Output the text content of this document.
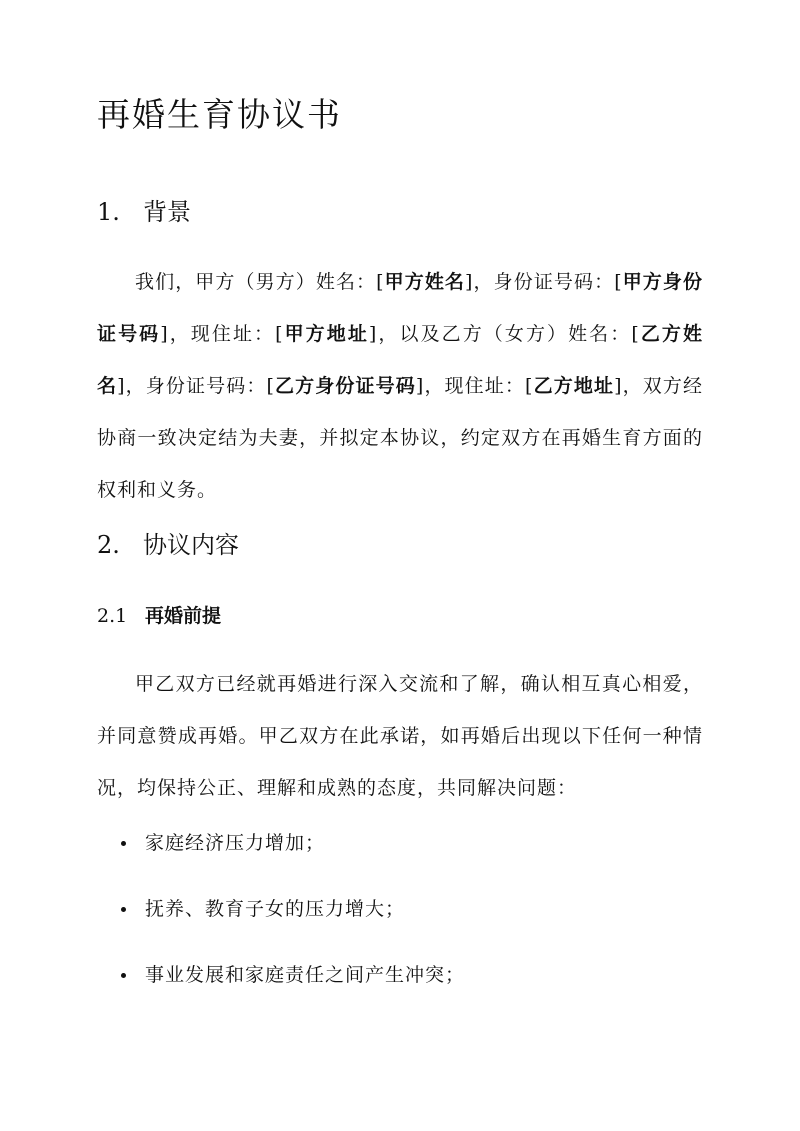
再婚生育协议书
1. 背景

我们，甲方（男方）姓名：[甲方姓名]，身份证号码：[甲方身份证号码]，现住址：[甲方地址]，以及乙方（女方）姓名：[乙方姓名]，身份证号码：[乙方身份证号码]，现住址：[乙方地址]，双方经协商一致决定结为夫妻，并拟定本协议，约定双方在再婚生育方面的权利和义务。

2. 协议内容
2.1 再婚前提

甲乙双方已经就再婚进行深入交流和了解，确认相互真心相爱，并同意赞成再婚。甲乙双方在此承诺，如再婚后出现以下任何一种情况，均保持公正、理解和成熟的态度，共同解决问题：

家庭经济压力增加；
抚养、教育子女的压力增大；
事业发展和家庭责任之间产生冲突；
